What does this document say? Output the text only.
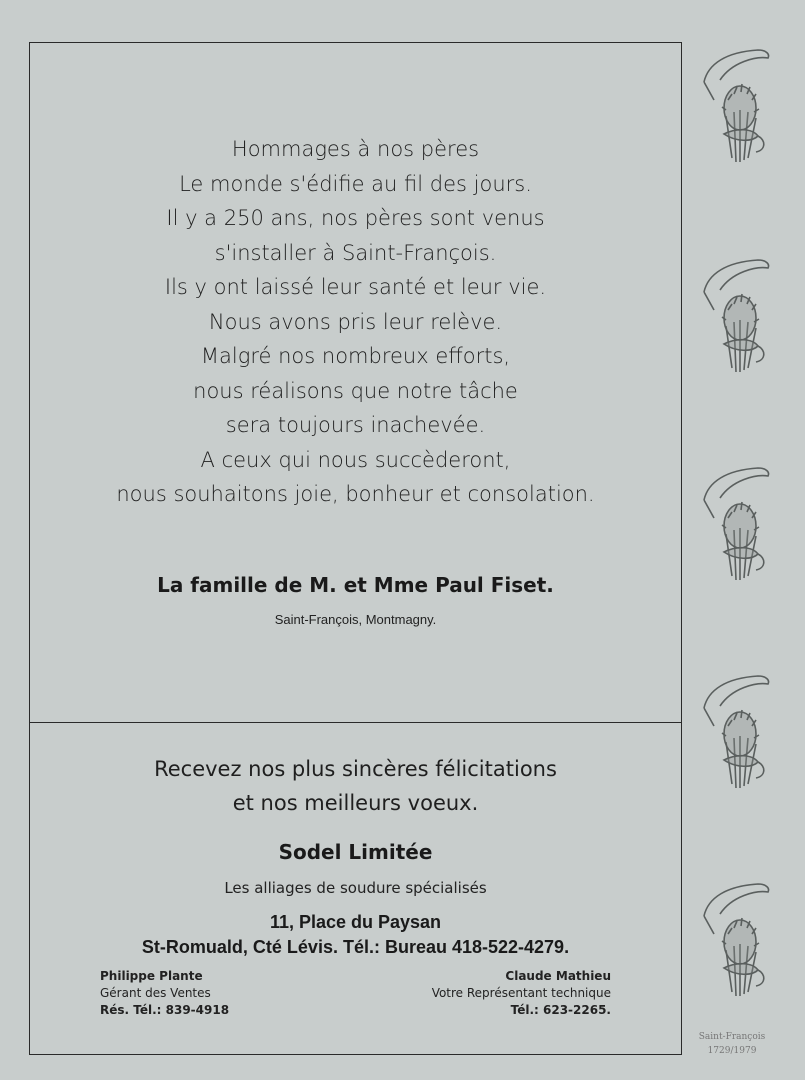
Hommages à nos pères
Le monde s'édifie au fil des jours.
Il y a 250 ans, nos pères sont venus
s'installer à Saint-François.
Ils y ont laissé leur santé et leur vie.
Nous avons pris leur relève.
Malgré nos nombreux efforts,
nous réalisons que notre tâche
sera toujours inachevée.
A ceux qui nous succèderont,
nous souhaitons joie, bonheur et consolation.
La famille de M. et Mme Paul Fiset.
Saint-François, Montmagny.
Recevez nos plus sincères félicitations
et nos meilleurs voeux.
Sodel Limitée
Les alliages de soudure spécialisés
11, Place du Paysan
St-Romuald, Cté Lévis. Tél.: Bureau 418-522-4279.
Philippe Plante
Gérant des Ventes
Rés. Tél.: 839-4918
Claude Mathieu
Votre Représentant technique
Tél.: 623-2265.
Saint-François
1729/1979
